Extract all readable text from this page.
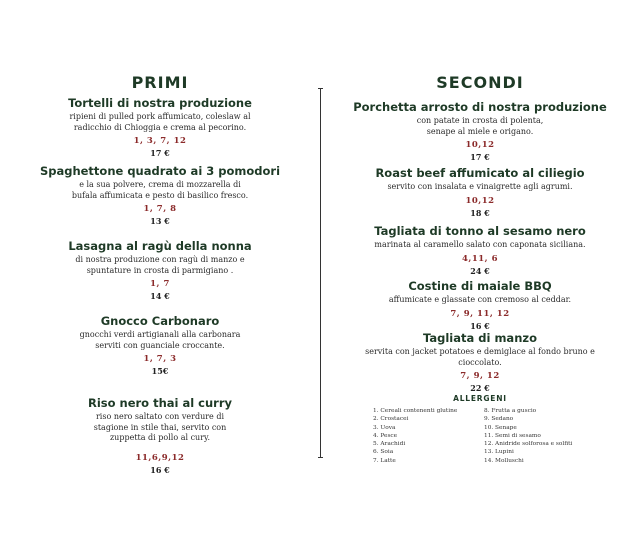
PRIMI
Tortelli di nostra produzione
ripieni di pulled pork affumicato, coleslaw al
radicchio di Chioggia e crema al pecorino.
1, 3, 7, 12
17 €
Spaghettone quadrato ai 3 pomodori
e la sua polvere, crema di mozzarella di
bufala affumicata e pesto di basilico fresco.
1, 7, 8
13 €
Lasagna al ragù della nonna
di nostra produzione con ragù di manzo e
spuntature in crosta di parmigiano .
1, 7
14 €
Gnocco Carbonaro
gnocchi verdi artigianali alla carbonara
serviti con guanciale croccante.
1, 7, 3
15€
Riso nero thai al curry
riso nero saltato con verdure di
stagione in stile thai, servito con
zuppetta di pollo al cury.
11,6,9,12
16 €
SECONDI
Porchetta arrosto di nostra produzione
con patate in crosta di polenta,
senape al miele e origano.
10,12
17 €
Roast beef affumicato al ciliegio
servito con insalata e vinaigrette agli agrumi.
10,12
18 €
Tagliata di tonno al sesamo nero
marinata al caramello salato con caponata siciliana.
4,11, 6
24 €
Costine di maiale BBQ
affumicate e glassate con cremoso al ceddar.
7, 9, 11, 12
16 €
Tagliata di manzo
servita con jacket potatoes e demiglace al fondo bruno e
cioccolato.
7, 9, 12
22 €
ALLERGENI
1. Cereali contenenti glutine
2. Crostacei
3. Uova
4. Pesce
5. Arachidi
6. Soia
7. Latte
8. Frutta a guscio
9. Sedano
10. Senape
11. Semi di sesamo
12. Anidride solforosa e solfiti
13. Lupini
14. Molluschi
